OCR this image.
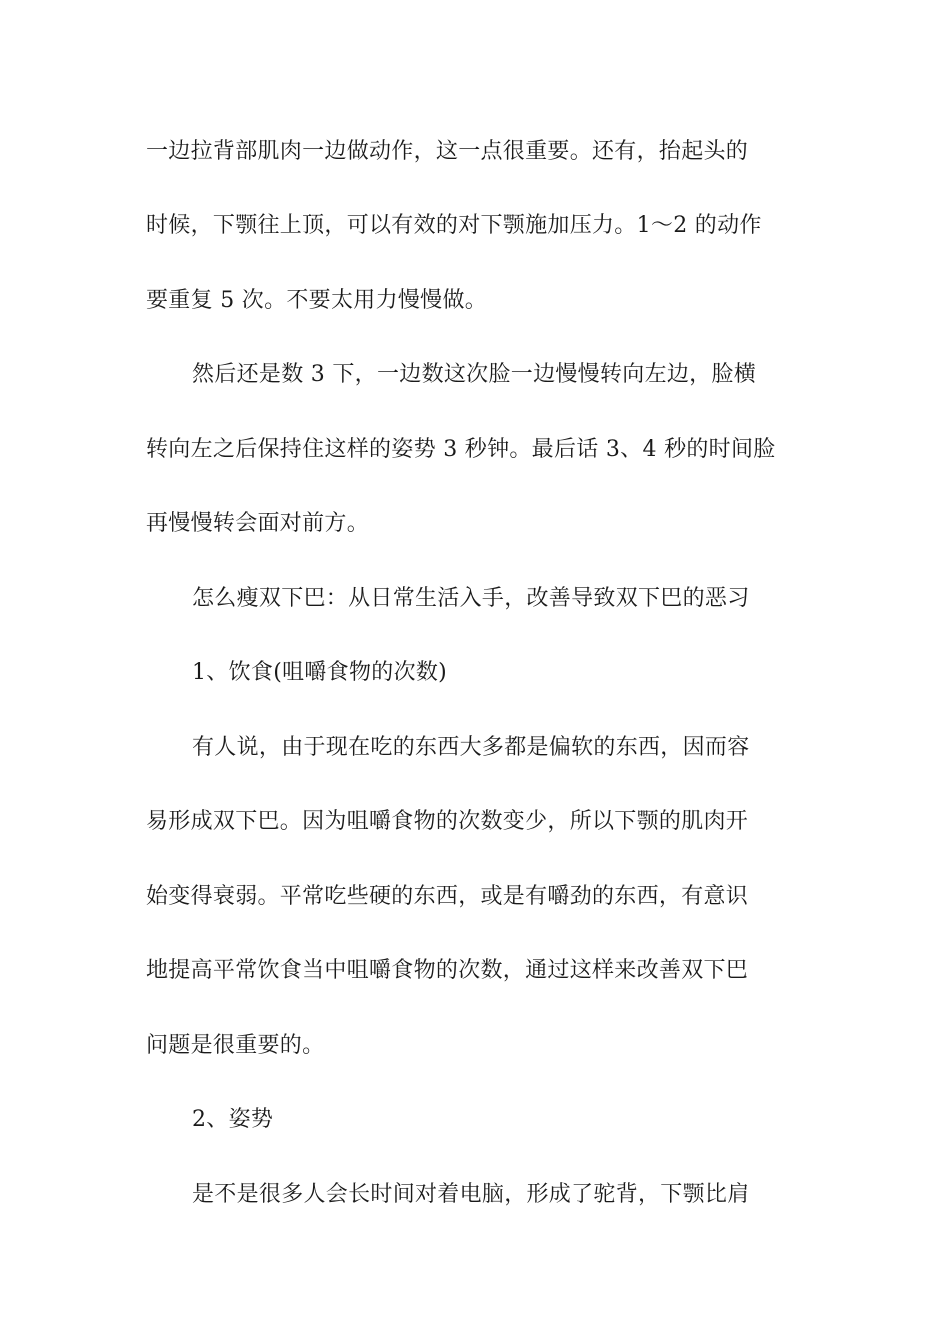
一边拉背部肌肉一边做动作，这一点很重要。还有，抬起头的
时候，下颚往上顶，可以有效的对下颚施加压力。1～2 的动作
要重复 5 次。不要太用力慢慢做。
然后还是数 3 下，一边数这次脸一边慢慢转向左边，脸横
转向左之后保持住这样的姿势 3 秒钟。最后话 3、4 秒的时间脸
再慢慢转会面对前方。
怎么瘦双下巴：从日常生活入手，改善导致双下巴的恶习
1、饮食(咀嚼食物的次数)
有人说，由于现在吃的东西大多都是偏软的东西，因而容
易形成双下巴。因为咀嚼食物的次数变少，所以下颚的肌肉开
始变得衰弱。平常吃些硬的东西，或是有嚼劲的东西，有意识
地提高平常饮食当中咀嚼食物的次数，通过这样来改善双下巴
问题是很重要的。
2、姿势
是不是很多人会长时间对着电脑，形成了驼背，下颚比肩
